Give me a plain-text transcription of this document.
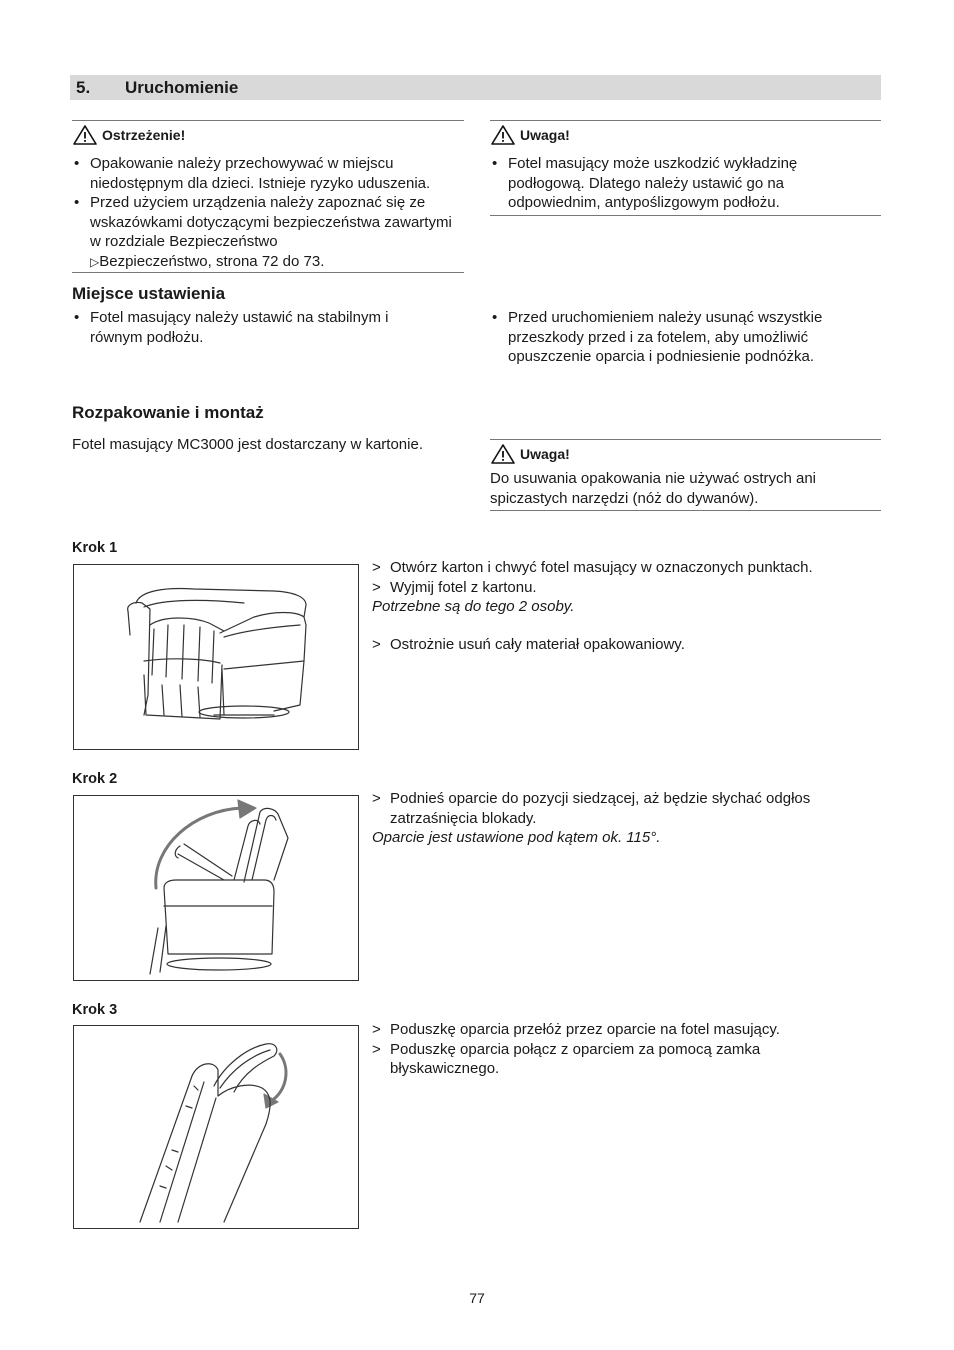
5. Uruchomienie
Ostrzeżenie!
• Opakowanie należy przechowywać w miejscu niedostępnym dla dzieci. Istnieje ryzyko uduszenia.
• Przed użyciem urządzenia należy zapoznać się ze wskazówkami dotyczącymi bezpieczeństwa zawartymi w rozdziale Bezpieczeństwo
▷Bezpieczeństwo, strona 72 do 73.
Uwaga!
• Fotel masujący może uszkodzić wykładzinę podłogową. Dlatego należy ustawić go na odpowiednim, antypoślizgowym podłożu.
Miejsce ustawienia
• Fotel masujący należy ustawić na stabilnym i równym podłożu.
• Przed uruchomieniem należy usunąć wszystkie przeszkody przed i za fotelem, aby umożliwić opuszczenie oparcia i podniesienie podnóżka.
Rozpakowanie i montaż
Fotel masujący MC3000 jest dostarczany w kartonie.
Uwaga!
Do usuwania opakowania nie używać ostrych ani spiczastych narzędzi (nóż do dywanów).
Krok 1
> Otwórz karton i chwyć fotel masujący w oznaczonych punktach.
> Wyjmij fotel z kartonu.
Potrzebne są do tego 2 osoby.
> Ostrożnie usuń cały materiał opakowaniowy.
Krok 2
> Podnieś oparcie do pozycji siedzącej, aż będzie słychać odgłos zatrzaśnięcia blokady.
Oparcie jest ustawione pod kątem ok. 115°.
Krok 3
> Poduszkę oparcia przełóż przez oparcie na fotel masujący.
> Poduszkę oparcia połącz z oparciem za pomocą zamka błyskawicznego.
77
